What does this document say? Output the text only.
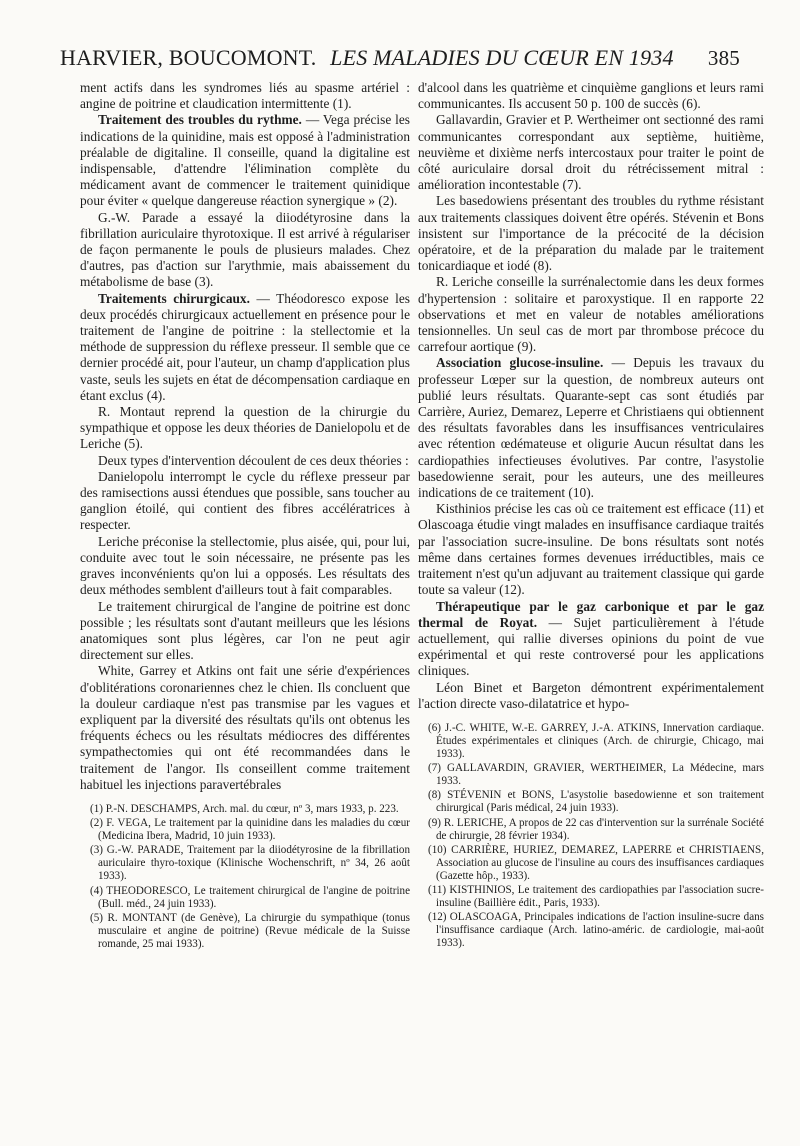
HARVIER, BOUCOMONT. LES MALADIES DU CŒUR EN 1934 385

ment actifs dans les syndromes liés au spasme artériel : angine de poitrine et claudication intermittente (1).

Traitement des troubles du rythme. — Vega précise les indications de la quinidine, mais est opposé à l'administration préalable de digitaline. Il conseille, quand la digitaline est indispensable, d'attendre l'élimination complète du médicament avant de commencer le traitement quinidique pour éviter « quelque dangereuse réaction synergique » (2).

G.-W. Parade a essayé la diiodétyrosine dans la fibrillation auriculaire thyrotoxique. Il est arrivé à régulariser de façon permanente le pouls de plusieurs malades. Chez d'autres, pas d'action sur l'arythmie, mais abaissement du métabolisme de base (3).

Traitements chirurgicaux. — Théodoresco expose les deux procédés chirurgicaux actuellement en présence pour le traitement de l'angine de poitrine : la stellectomie et la méthode de suppression du réflexe presseur. Il semble que ce dernier procédé ait, pour l'auteur, un champ d'application plus vaste, seuls les sujets en état de décompensation cardiaque en étant exclus (4).

R. Montaut reprend la question de la chirurgie du sympathique et oppose les deux théories de Danielopolu et de Leriche (5).

Deux types d'intervention découlent de ces deux théories :

Danielopolu interrompt le cycle du réflexe presseur par des ramisections aussi étendues que possible, sans toucher au ganglion étoilé, qui contient des fibres accélératrices à respecter.

Leriche préconise la stellectomie, plus aisée, qui, pour lui, conduite avec tout le soin nécessaire, ne présente pas les graves inconvénients qu'on lui a opposés. Les résultats des deux méthodes semblent d'ailleurs tout à fait comparables.

Le traitement chirurgical de l'angine de poitrine est donc possible ; les résultats sont d'autant meilleurs que les lésions anatomiques sont plus légères, car l'on ne peut agir directement sur elles.

White, Garrey et Atkins ont fait une série d'expériences d'oblitérations coronariennes chez le chien. Ils concluent que la douleur cardiaque n'est pas transmise par les vagues et expliquent par la diversité des résultats qu'ils ont obtenus les fréquents échecs ou les résultats médiocres des différentes sympathectomies qui ont été recommandées dans le traitement de l'angor. Ils conseillent comme traitement habituel les injections paravertébrales

(1) P.-N. DESCHAMPS, Arch. mal. du cœur, nº 3, mars 1933, p. 223.

(2) F. VEGA, Le traitement par la quinidine dans les maladies du cœur (Medicina Ibera, Madrid, 10 juin 1933).

(3) G.-W. PARADE, Traitement par la diiodétyrosine de la fibrillation auriculaire thyro-toxique (Klinische Wochenschrift, nº 34, 26 août 1933).

(4) THEODORESCO, Le traitement chirurgical de l'angine de poitrine (Bull. méd., 24 juin 1933).

(5) R. MONTANT (de Genève), La chirurgie du sympathique (tonus musculaire et angine de poitrine) (Revue médicale de la Suisse romande, 25 mai 1933).

d'alcool dans les quatrième et cinquième ganglions et leurs rami communicantes. Ils accusent 50 p. 100 de succès (6).

Gallavardin, Gravier et P. Wertheimer ont sectionné des rami communicantes correspondant aux septième, huitième, neuvième et dixième nerfs intercostaux pour traiter le point de côté auriculaire dorsal droit du rétrécissement mitral : amélioration incontestable (7).

Les basedowiens présentant des troubles du rythme résistant aux traitements classiques doivent être opérés. Stévenin et Bons insistent sur l'importance de la précocité de la décision opératoire, et de la préparation du malade par le traitement tonicardiaque et iodé (8).

R. Leriche conseille la surrénalectomie dans les deux formes d'hypertension : solitaire et paroxystique. Il en rapporte 22 observations et met en valeur de notables améliorations tensionnelles. Un seul cas de mort par thrombose précoce du carrefour aortique (9).

Association glucose-insuline. — Depuis les travaux du professeur Lœper sur la question, de nombreux auteurs ont publié leurs résultats. Quarante-sept cas sont étudiés par Carrière, Auriez, Demarez, Leperre et Christiaens qui obtiennent des résultats favorables dans les insuffisances ventriculaires avec rétention œdémateuse et oligurie Aucun résultat dans les cardiopathies infectieuses évolutives. Par contre, l'asystolie basedowienne serait, pour les auteurs, une des meilleures indications de ce traitement (10).

Kisthinios précise les cas où ce traitement est efficace (11) et Olascoaga étudie vingt malades en insuffisance cardiaque traités par l'association sucre-insuline. De bons résultats sont notés même dans certaines formes devenues irréductibles, mais ce traitement n'est qu'un adjuvant au traitement classique qui garde toute sa valeur (12).

Thérapeutique par le gaz carbonique et par le gaz thermal de Royat. — Sujet particulièrement à l'étude actuellement, qui rallie diverses opinions du point de vue expérimental et qui reste controversé pour les applications cliniques.

Léon Binet et Bargeton démontrent expérimentalement l'action directe vaso-dilatatrice et hypo-

(6) J.-C. WHITE, W.-E. GARREY, J.-A. ATKINS, Innervation cardiaque. Études expérimentales et cliniques (Arch. de chirurgie, Chicago, mai 1933).

(7) GALLAVARDIN, GRAVIER, WERTHEIMER, La Médecine, mars 1933.

(8) STÉVENIN et BONS, L'asystolie basedowienne et son traitement chirurgical (Paris médical, 24 juin 1933).

(9) R. LERICHE, A propos de 22 cas d'intervention sur la surrénale Société de chirurgie, 28 février 1934).

(10) CARRIÈRE, HURIEZ, DEMAREZ, LAPERRE et CHRISTIAENS, Association au glucose de l'insuline au cours des insuffisances cardiaques (Gazette hôp., 1933).

(11) KISTHINIOS, Le traitement des cardiopathies par l'association sucre-insuline (Baillière édit., Paris, 1933).

(12) OLASCOAGA, Principales indications de l'action insuline-sucre dans l'insuffisance cardiaque (Arch. latino-améric. de cardiologie, mai-août 1933).
